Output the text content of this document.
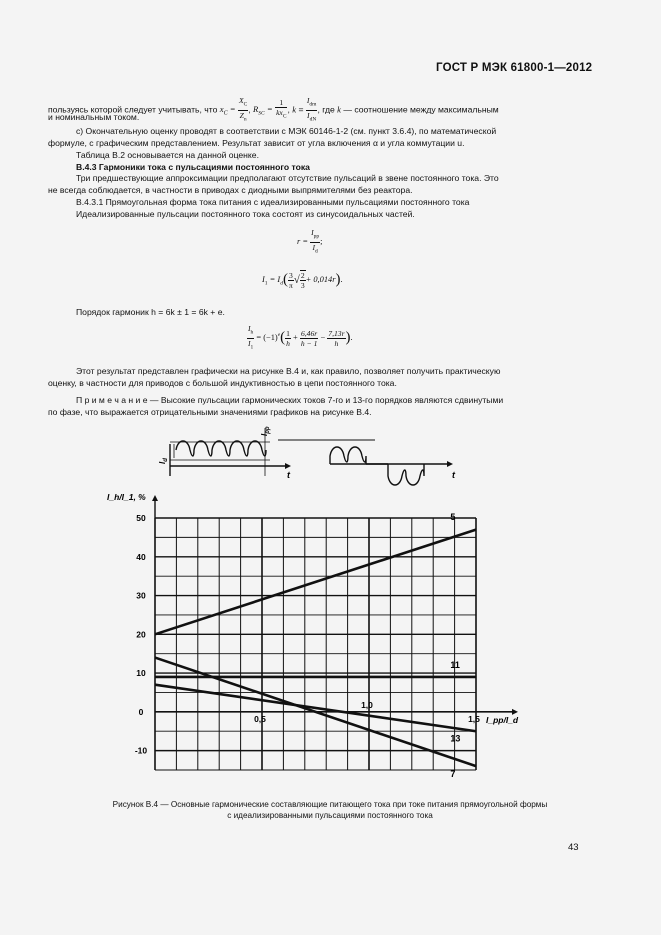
ГОСТ Р МЭК 61800-1—2012
пользуясь которой следует учитывать, что $x_C = \frac{X_C}{Z_n}$ , $R_{SC} = \frac{1}{kx_C}$ , $k = \frac{I_{dm}}{I_{dN}}$ , где k — соотношение между максимальным
и номинальным током.
c) Окончательную оценку проводят в соответствии с МЭК 60146-1-2 (см. пункт 3.6.4), по математической
формуле, с графическим представлением. Результат зависит от угла включения α и угла коммутации u.
Таблица В.2 основывается на данной оценке.
В.4.3 Гармоники тока с пульсациями постоянного тока
Три предшествующие аппроксимации предполагают отсутствие пульсаций в звене постоянного тока. Это
не всегда соблюдается, в частности в приводах с диодными выпрямителями без реактора.
В.4.3.1 Прямоугольная форма тока питания с идеализированными пульсациями постоянного тока
Идеализированные пульсации постоянного тока состоят из синусоидальных частей.
$r = \frac{I_{pp}}{I_d}$ ;
$I_1 = I_d( \frac{3}{\pi}$ √ $\frac{2}{3} + 0,014r$).
Порядок гармоник h = 6k ± 1 = 6k + e.
$\frac{I_h}{I_1} = (-1)^e( \frac{1}{h} + \frac{6,46r}{h - 1} - \frac{7,13r}{h}$ ).
Этот результат представлен графически на рисунке В.4 и, как правило, позволяет получить практическую
оценку, в частности для приводов с большой индуктивностью в цепи постоянного тока.
П р и м е ч а н и е — Высокие пульсации гармонических токов 7-го и 13-го порядков являются сдвинутыми
по фазе, что выражается отрицательными значениями графиков на рисунке В.4.
t	t
$I_{pp}$
$I_d$
50
40
30
20
10
0
-10
0,5
1,0
1,5
I_h/I_1, %
I_pp/I_d
5
11
13
7
Рисунок В.4 — Основные гармонические составляющие питающего тока при токе питания прямоугольной формы
с идеализированными пульсациями постоянного тока
43
